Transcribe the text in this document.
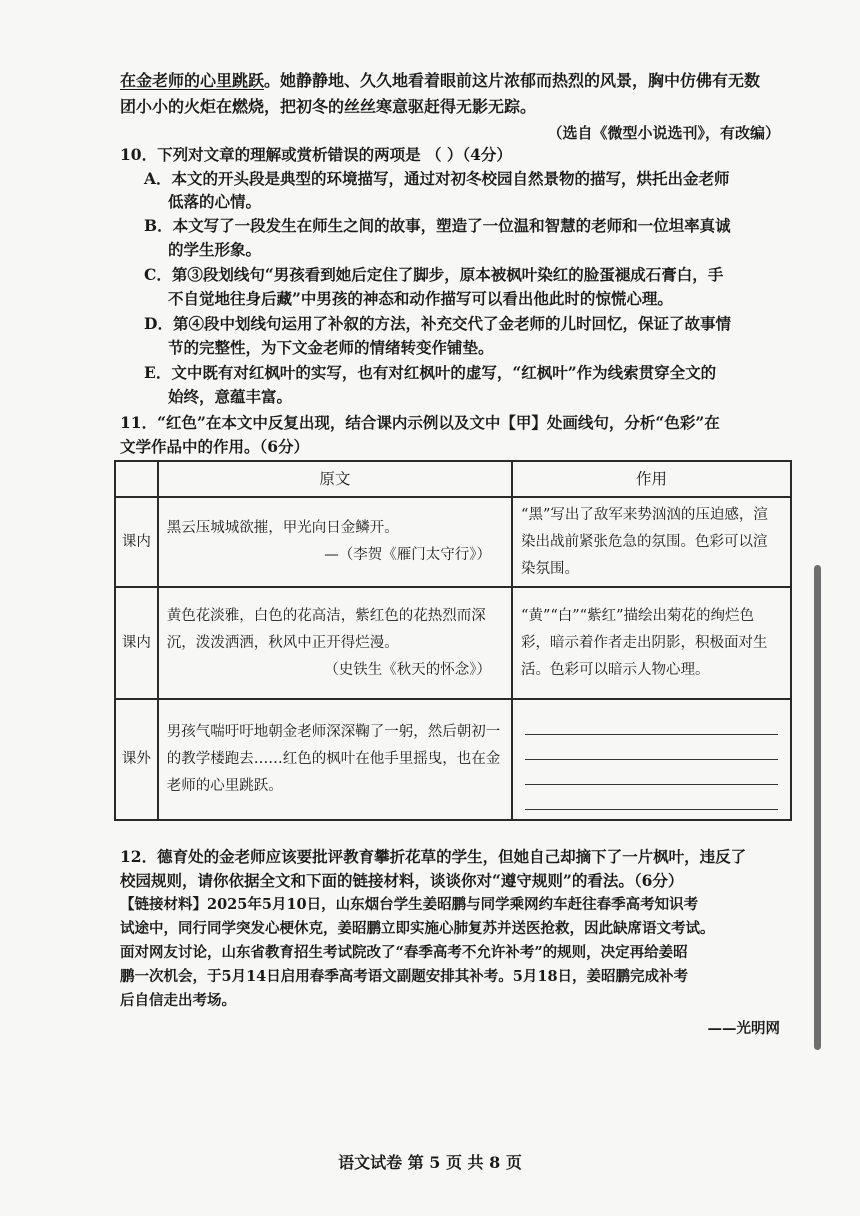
在金老师的心里跳跃。她静静地、久久地看着眼前这片浓郁而热烈的风景，胸中仿佛有无数
团小小的火炬在燃烧，把初冬的丝丝寒意驱赶得无影无踪。
（选自《微型小说选刊》，有改编）
10．下列对文章的理解或赏析错误的两项是 （ ）（4分）
A．本文的开头段是典型的环境描写，通过对初冬校园自然景物的描写，烘托出金老师
低落的心情。
B．本文写了一段发生在师生之间的故事，塑造了一位温和智慧的老师和一位坦率真诚
的学生形象。
C．第③段划线句“男孩看到她后定住了脚步，原本被枫叶染红的脸蛋褪成石膏白，手
不自觉地往身后藏”中男孩的神态和动作描写可以看出他此时的惊慌心理。
D．第④段中划线句运用了补叙的方法，补充交代了金老师的儿时回忆，保证了故事情
节的完整性，为下文金老师的情绪转变作铺垫。
E．文中既有对红枫叶的实写，也有对红枫叶的虚写，“红枫叶”作为线索贯穿全文的
始终，意蕴丰富。
11．“红色”在本文中反复出现，结合课内示例以及文中【甲】处画线句，分析“色彩”在
文学作品中的作用。（6分）
	原文	作用
课内	黑云压城城欲摧，甲光向日金鳞开。
—（李贺《雁门太守行》）	“黑”写出了敌军来势汹汹的压迫感，渲染出战前紧张危急的氛围。色彩可以渲染氛围。
课内	黄色花淡雅，白色的花高洁，紫红色的花热烈而深沉，泼泼洒洒，秋风中正开得烂漫。
（史铁生《秋天的怀念》）	“黄”“白”“紫红”描绘出菊花的绚烂色彩，暗示着作者走出阴影，积极面对生活。色彩可以暗示人物心理。
课外	男孩气喘吁吁地朝金老师深深鞠了一躬，然后朝初一的教学楼跑去……红色的枫叶在他手里摇曳，也在金老师的心里跳跃。	
12．德育处的金老师应该要批评教育攀折花草的学生，但她自己却摘下了一片枫叶，违反了
校园规则，请你依据全文和下面的链接材料，谈谈你对“遵守规则”的看法。（6分）
【链接材料】2025年5月10日，山东烟台学生姜昭鹏与同学乘网约车赶往春季高考知识考
试途中，同行同学突发心梗休克，姜昭鹏立即实施心肺复苏并送医抢救，因此缺席语文考试。
面对网友讨论，山东省教育招生考试院改了“春季高考不允许补考”的规则，决定再给姜昭
鹏一次机会，于5月14日启用春季高考语文副题安排其补考。5月18日，姜昭鹏完成补考
后自信走出考场。
——光明网
语文试卷 第 5 页 共 8 页
